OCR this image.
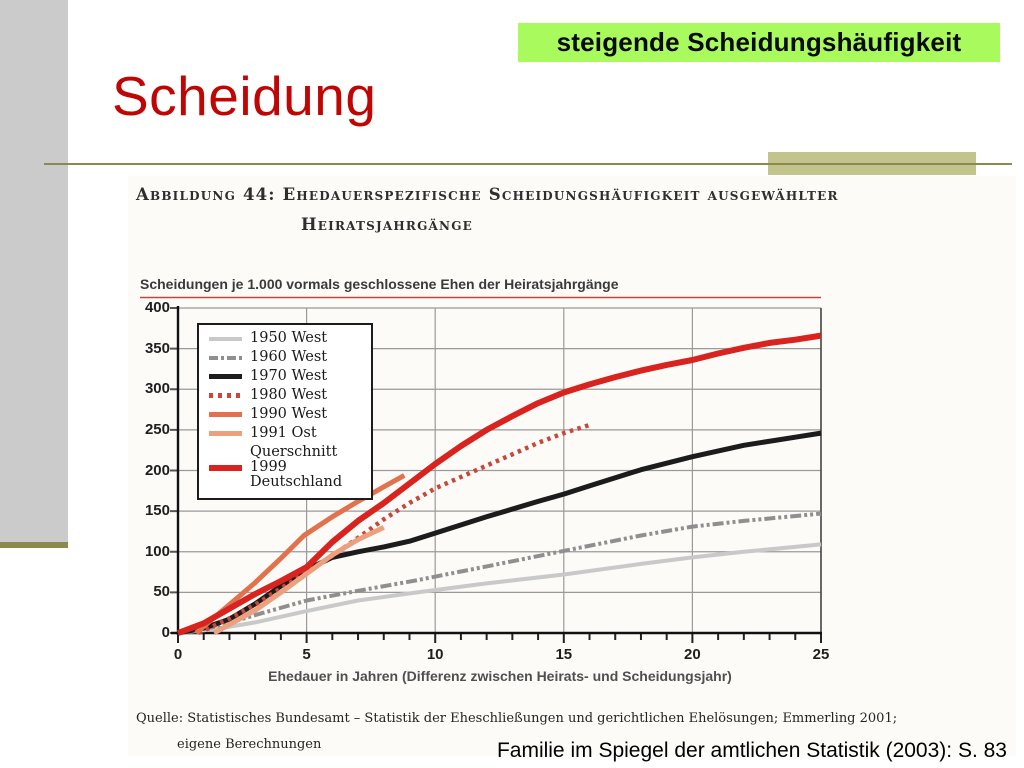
steigende Scheidungshäufigkeit
Scheidung
Abbildung 44: Ehedauerspezifische Scheidungshäufigkeit ausgewählter
Heiratsjahrgänge
Scheidungen je 1.000 vormals geschlossene Ehen der Heiratsjahrgänge
1950 West
1960 West
1970 West
1980 West
1990 West
1991 Ost
Querschnitt 1999
Deutschland
Ehedauer in Jahren (Differenz zwischen Heirats- und Scheidungsjahr)
Quelle: Statistisches Bundesamt – Statistik der Eheschließungen und gerichtlichen Ehelösungen; Emmerling 2001;
eigene Berechnungen	Familie im Spiegel der amtlichen Statistik (2003): S. 83
0
50
100
150
200
250
300
350
400
0	5	10	15	20	25
